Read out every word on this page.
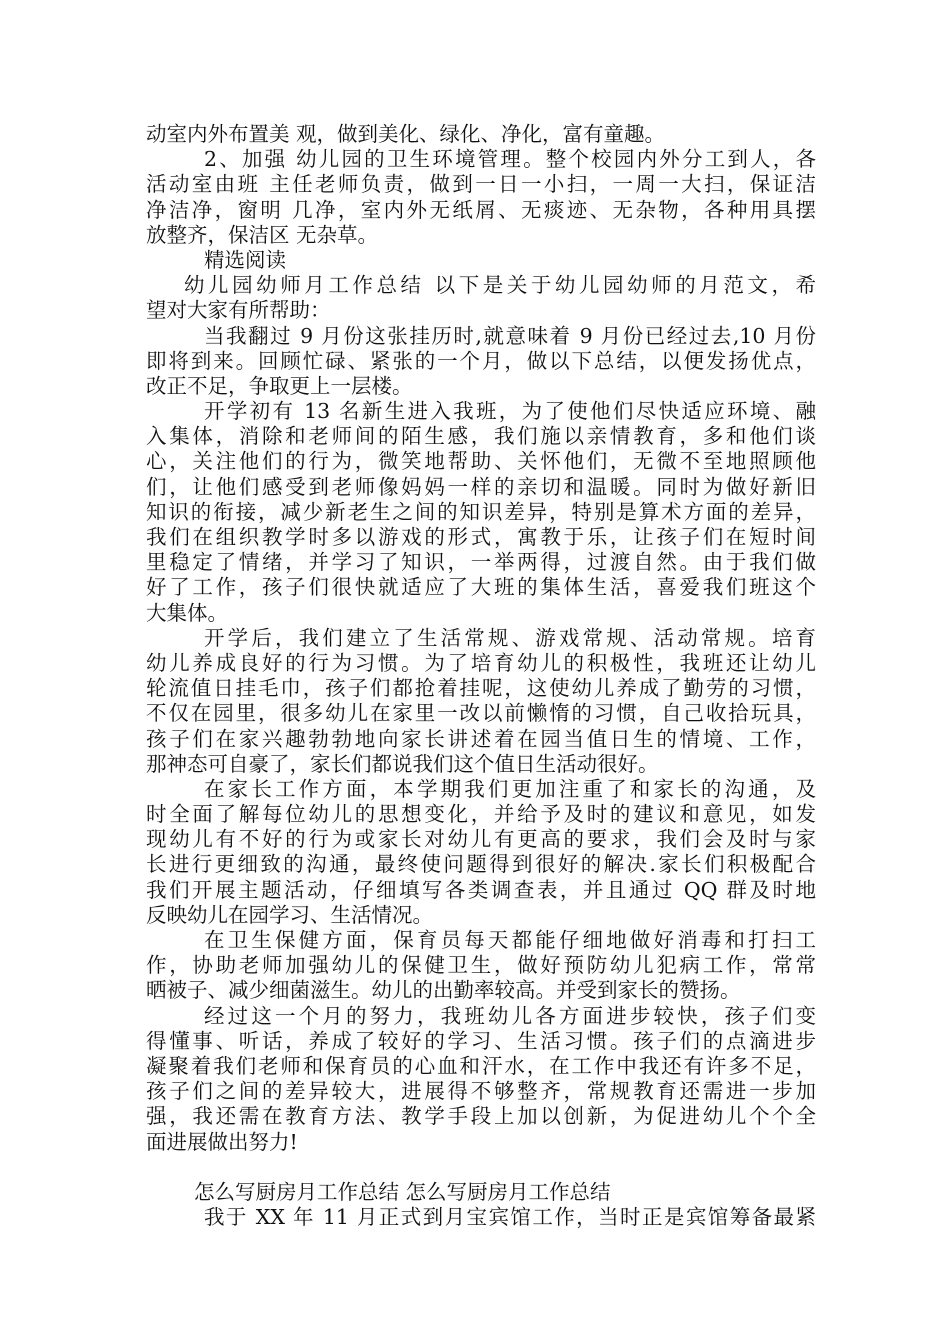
动室内外布置美 观，做到美化、绿化、净化，富有童趣。

2、加强 幼儿园的卫生环境管理。整个校园内外分工到人，各
活动室由班 主任老师负责，做到一日一小扫，一周一大扫，保证洁
净洁净，窗明 几净，室内外无纸屑、无痰迹、无杂物，各种用具摆
放整齐，保洁区 无杂草。

精选阅读

幼儿园幼师月工作总结 以下是关于幼儿园幼师的月范文，希
望对大家有所帮助：

当我翻过 9 月份这张挂历时,就意味着 9 月份已经过去,10 月份
即将到来。回顾忙碌、紧张的一个月，做以下总结，以便发扬优点，
改正不足，争取更上一层楼。

开学初有 13 名新生进入我班，为了使他们尽快适应环境、融
入集体，消除和老师间的陌生感，我们施以亲情教育，多和他们谈
心，关注他们的行为，微笑地帮助、关怀他们，无微不至地照顾他
们，让他们感受到老师像妈妈一样的亲切和温暖。同时为做好新旧
知识的衔接，减少新老生之间的知识差异，特别是算术方面的差异，
我们在组织教学时多以游戏的形式，寓教于乐，让孩子们在短时间
里稳定了情绪，并学习了知识，一举两得，过渡自然。由于我们做
好了工作，孩子们很快就适应了大班的集体生活，喜爱我们班这个
大集体。

开学后，我们建立了生活常规、游戏常规、活动常规。培育
幼儿养成良好的行为习惯。为了培育幼儿的积极性，我班还让幼儿
轮流值日挂毛巾，孩子们都抢着挂呢，这使幼儿养成了勤劳的习惯，
不仅在园里，很多幼儿在家里一改以前懒惰的习惯，自己收拾玩具，
孩子们在家兴趣勃勃地向家长讲述着在园当值日生的情境、工作，
那神态可自豪了，家长们都说我们这个值日生活动很好。

在家长工作方面，本学期我们更加注重了和家长的沟通，及
时全面了解每位幼儿的思想变化，并给予及时的建议和意见，如发
现幼儿有不好的行为或家长对幼儿有更高的要求，我们会及时与家
长进行更细致的沟通，最终使问题得到很好的解决.家长们积极配合
我们开展主题活动，仔细填写各类调查表，并且通过 QQ 群及时地
反映幼儿在园学习、生活情况。

在卫生保健方面，保育员每天都能仔细地做好消毒和打扫工
作，协助老师加强幼儿的保健卫生，做好预防幼儿犯病工作，常常
晒被子、减少细菌滋生。幼儿的出勤率较高。并受到家长的赞扬。

经过这一个月的努力，我班幼儿各方面进步较快，孩子们变
得懂事、听话，养成了较好的学习、生活习惯。孩子们的点滴进步
凝聚着我们老师和保育员的心血和汗水，在工作中我还有许多不足，
孩子们之间的差异较大，进展得不够整齐，常规教育还需进一步加
强，我还需在教育方法、教学手段上加以创新，为促进幼儿个个全
面进展做出努力!

怎么写厨房月工作总结 怎么写厨房月工作总结

我于 XX 年 11 月正式到月宝宾馆工作，当时正是宾馆筹备最紧
